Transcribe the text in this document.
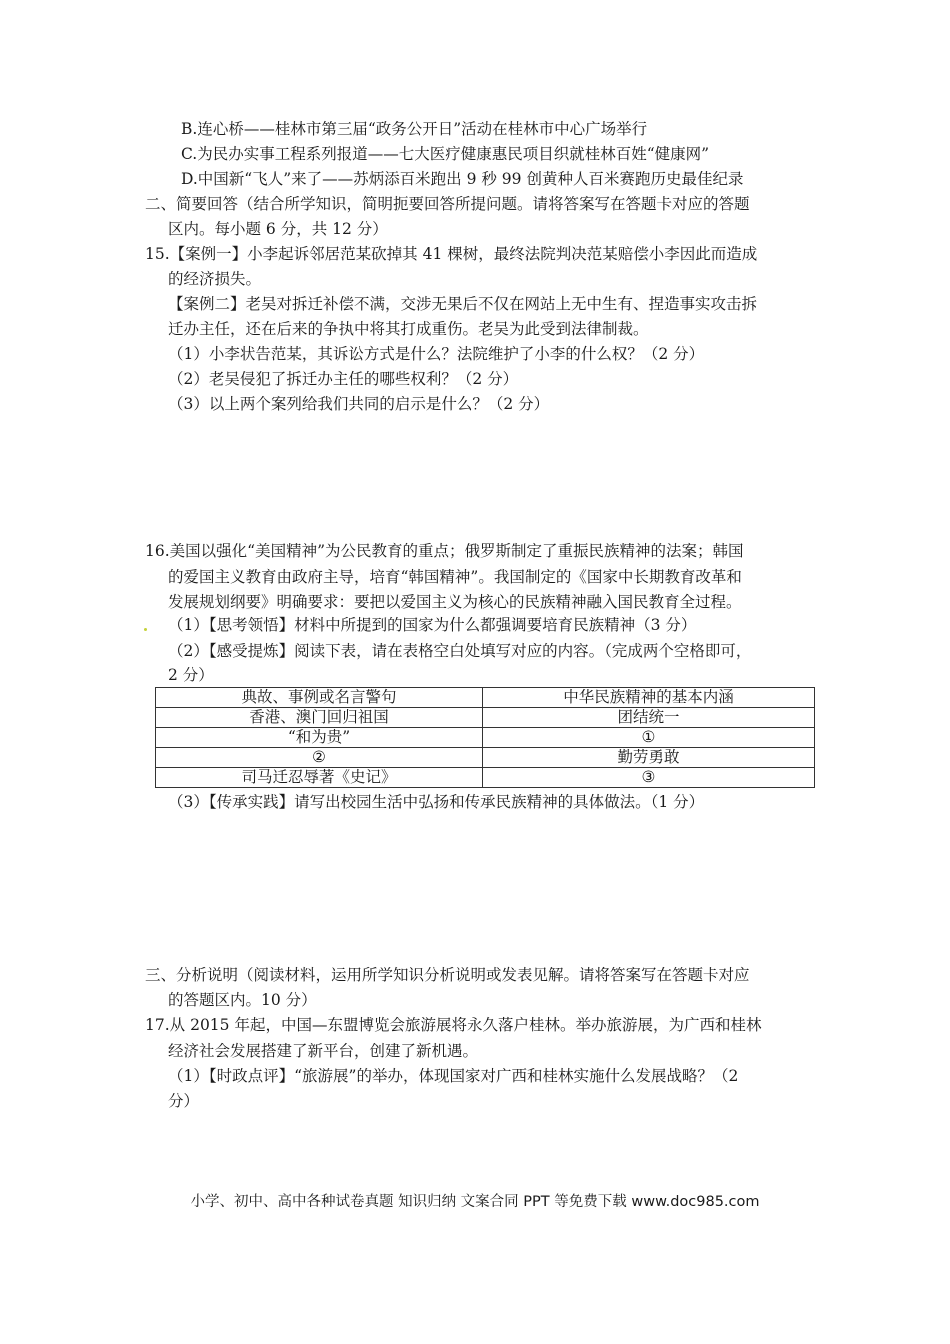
B.连心桥——桂林市第三届“政务公开日”活动在桂林市中心广场举行
C.为民办实事工程系列报道——七大医疗健康惠民项目织就桂林百姓“健康网”
D.中国新“飞人”来了——苏炳添百米跑出 9 秒 99 创黄种人百米赛跑历史最佳纪录
二、简要回答（结合所学知识，简明扼要回答所提问题。请将答案写在答题卡对应的答题
区内。每小题 6 分，共 12 分）
15.【案例一】小李起诉邻居范某砍掉其 41 棵树，最终法院判决范某赔偿小李因此而造成
的经济损失。
【案例二】老吴对拆迁补偿不满，交涉无果后不仅在网站上无中生有、捏造事实攻击拆
迁办主任，还在后来的争执中将其打成重伤。老吴为此受到法律制裁。
（1）小李状告范某，其诉讼方式是什么？法院维护了小李的什么权？（2 分）
（2）老吴侵犯了拆迁办主任的哪些权利？（2 分）
（3）以上两个案列给我们共同的启示是什么？（2 分）
16.美国以强化“美国精神”为公民教育的重点；俄罗斯制定了重振民族精神的法案；韩国
的爱国主义教育由政府主导，培育“韩国精神”。我国制定的《国家中长期教育改革和
发展规划纲要》明确要求：要把以爱国主义为核心的民族精神融入国民教育全过程。
（1）【思考领悟】材料中所提到的国家为什么都强调要培育民族精神（3 分）
（2）【感受提炼】阅读下表，请在表格空白处填写对应的内容。（完成两个空格即可，
2 分）
典故、事例或名言警句	中华民族精神的基本内涵
香港、澳门回归祖国	团结统一
“和为贵”	①
②	勤劳勇敢
司马迁忍辱著《史记》	③
（3）【传承实践】请写出校园生活中弘扬和传承民族精神的具体做法。（1 分）
三、分析说明（阅读材料，运用所学知识分析说明或发表见解。请将答案写在答题卡对应
的答题区内。10 分）
17.从 2015 年起，中国—东盟博览会旅游展将永久落户桂林。举办旅游展，为广西和桂林
经济社会发展搭建了新平台，创建了新机遇。
（1）【时政点评】“旅游展”的举办，体现国家对广西和桂林实施什么发展战略？（2
分）
小学、初中、高中各种试卷真题 知识归纳 文案合同 PPT 等免费下载 www.doc985.com
